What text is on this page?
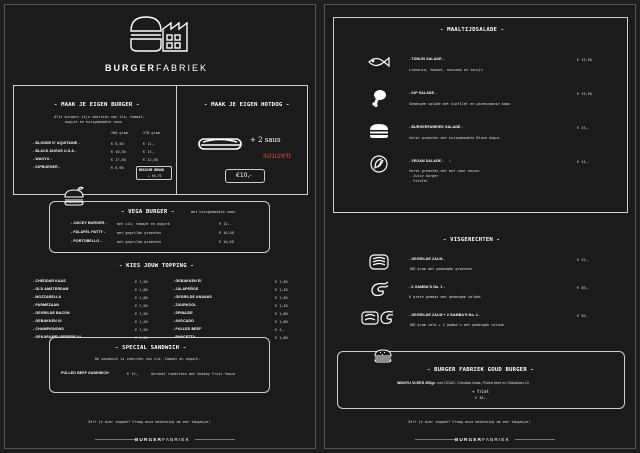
BURGERFABRIEK
- MAAK JE EIGEN BURGER -
Alle burgers zijn voorzien van sla, tomaat,
augurk en huisgemaakte saus
200 gram	270 gram
- BLONDE D' AQUITAINE -	€ 8,50	€ 11,-
- BLACK ANGUS U.S.A -	€ 10,50	€ 13,-
- WAGYU -	€ 17,50	€ 22,50
- KIPBURGER -	€ 8,90	BRIOCHE BROOD
+ €0,70
- MAAK JE EIGEN HOTDOG -
+ 2 saus
sauzen
€10,-
- VEGA BURGER -	met huisgemaakte saus
- JUICEY BURGER -	met sla, tomaat en augurk	€ 12,-
- FALAFEL PATTY -	met gegrilde groenten	€ 10,50
- PORTOBELLO -	met gegrilde groenten	€ 10,50
- KIES JOUW TOPPING -
- CHEDDAR KAAS	€ 1,50
- OLD AMSTERDAM	€ 1,80
- MOZZARELLA	€ 1,80
- PARMEZAAN	€ 2,50
- GEGRILDE BACON	€ 1,50
- GEBAKKEN UI	€ 1,20
- CHAMPIGNONS	€ 1,50
- GEKARAMELISEERDE UI	€ 1,50
- GEBAKKEN EI	€ 1,50
- JALAPEÑOS	€ 1,20
- GEGRILDE ANANAS	€ 1,50
- ZUURKOOL	€ 1,20
- SPINAZIE	€ 1,80
- AVOCADO	€ 1,80
- PULLED BEEF	€ 4,-
- PANCETTA	€ 1,80
- SPECIAL SANDWICH -
De sandwich is voorzien van sla, tomaat en augurk.
PULLED BEEF SANDWICH	€ 13,-	Gerookt rundvlees met Smokey Fruit Sauce
Zelf je bier tappen? Vraag onze bediening om een tappasje!
BURGERFABRIEK
- MAALTIJDSALADE -
- TONIJN SALADE -	€ 13,50
Lidosnia, tomaat, avocado en tonijn
- KIP SALADE -	€ 13,50
Gemengde salade met kipfilet en parmezaanse kaas
- BURGERFABRIEK SALADE -	€ 15,-
Verse groenten met huisgemaakte Black Angus
- VEGAN SALADE - ✓	€ 14,-
Verse groenten met met naar keuze:
- Juicy burger
- Falafel
- VISGERECHTEN -
- GEGRILDE ZALM -	€ 22,-
180 gram met gemengde groenten
- 6 GAMBA'S No. 1 -	€ 30,-
6 grote gambas met gemengde salade
- GEGRILDE ZALM + 2 GAMBA'S No. 1 -	€ 30,-
180 gram zalm + 2 gamba's met gemengde salade
- BURGER FABRIEK GOUD BURGER -
WAGYU VLEES 200gr. met GOUD, Cheddar Kaas, Pulled beef en Gebakken Ui
+ friet
€ 46,-
Zelf je bier tappen? Vraag onze bediening om een tappasje!
BURGERFABRIEK
